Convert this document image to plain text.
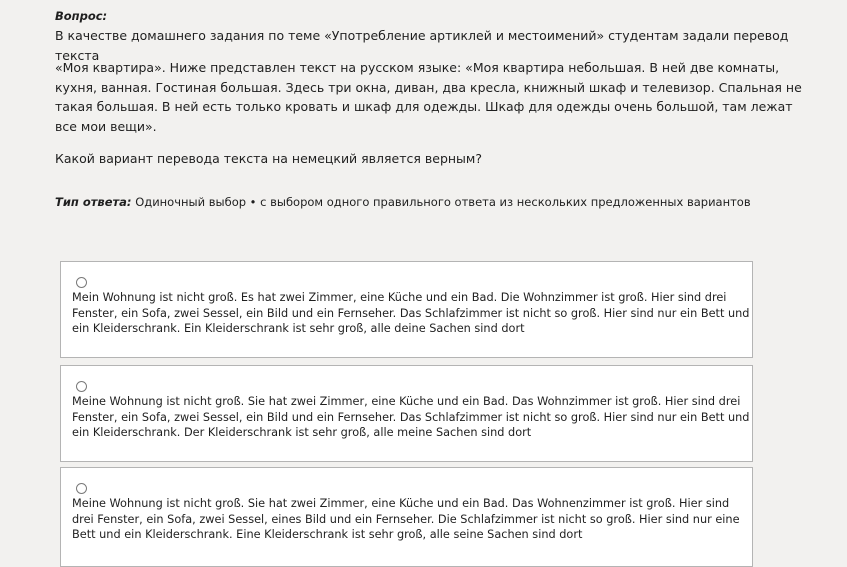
Вопрос:

В качестве домашнего задания по теме «Употребление артиклей и местоимений» студентам задали перевод текста

«Моя квартира». Ниже представлен текст на русском языке: «Моя квартира небольшая. В ней две комнаты, кухня, ванная. Гостиная большая. Здесь три окна, диван, два кресла, книжный шкаф и телевизор. Спальная не такая большая. В ней есть только кровать и шкаф для одежды. Шкаф для одежды очень большой, там лежат все мои вещи».

Какой вариант перевода текста на немецкий является верным?

Тип ответа: Одиночный выбор • с выбором одного правильного ответа из нескольких предложенных вариантов

Mein Wohnung ist nicht groß. Es hat zwei Zimmer, eine Küche und ein Bad. Die Wohnzimmer ist groß. Hier sind drei Fenster, ein Sofa, zwei Sessel, ein Bild und ein Fernseher. Das Schlafzimmer ist nicht so groß. Hier sind nur ein Bett und ein Kleiderschrank. Ein Kleiderschrank ist sehr groß, alle deine Sachen sind dort

Meine Wohnung ist nicht groß. Sie hat zwei Zimmer, eine Küche und ein Bad. Das Wohnzimmer ist groß. Hier sind drei Fenster, ein Sofa, zwei Sessel, ein Bild und ein Fernseher. Das Schlafzimmer ist nicht so groß. Hier sind nur ein Bett und ein Kleiderschrank. Der Kleiderschrank ist sehr groß, alle meine Sachen sind dort

Meine Wohnung ist nicht groß. Sie hat zwei Zimmer, eine Küche und ein Bad. Das Wohnenzimmer ist groß. Hier sind drei Fenster, ein Sofa, zwei Sessel, eines Bild und ein Fernseher. Die Schlafzimmer ist nicht so groß. Hier sind nur eine Bett und ein Kleiderschrank. Eine Kleiderschrank ist sehr groß, alle seine Sachen sind dort
